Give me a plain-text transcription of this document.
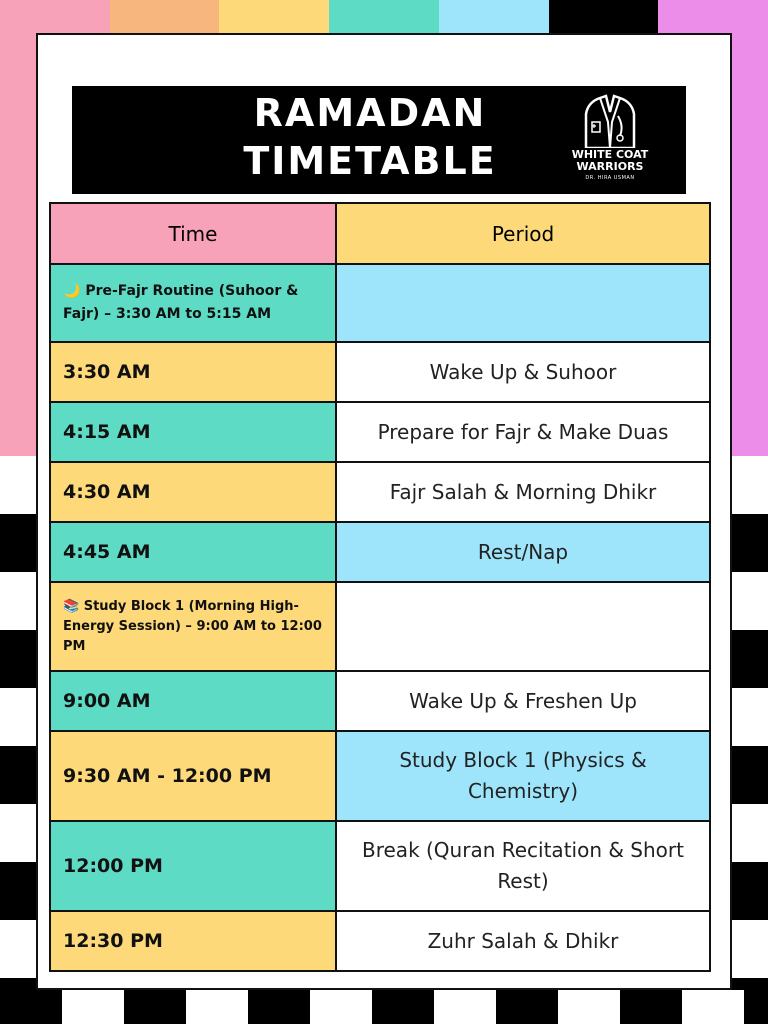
RAMADAN
TIMETABLE	WHITE COAT
WARRIORS
DR. HIRA USMAN
Time	Period
🌙 Pre-Fajr Routine (Suhoor & Fajr) – 3:30 AM to 5:15 AM	
3:30 AM	Wake Up & Suhoor
4:15 AM	Prepare for Fajr & Make Duas
4:30 AM	Fajr Salah & Morning Dhikr
4:45 AM	Rest/Nap
📚 Study Block 1 (Morning High-Energy Session) – 9:00 AM to 12:00 PM	
9:00 AM	Wake Up & Freshen Up
9:30 AM - 12:00 PM	Study Block 1 (Physics & Chemistry)
12:00 PM	Break (Quran Recitation & Short Rest)
12:30 PM	Zuhr Salah & Dhikr
